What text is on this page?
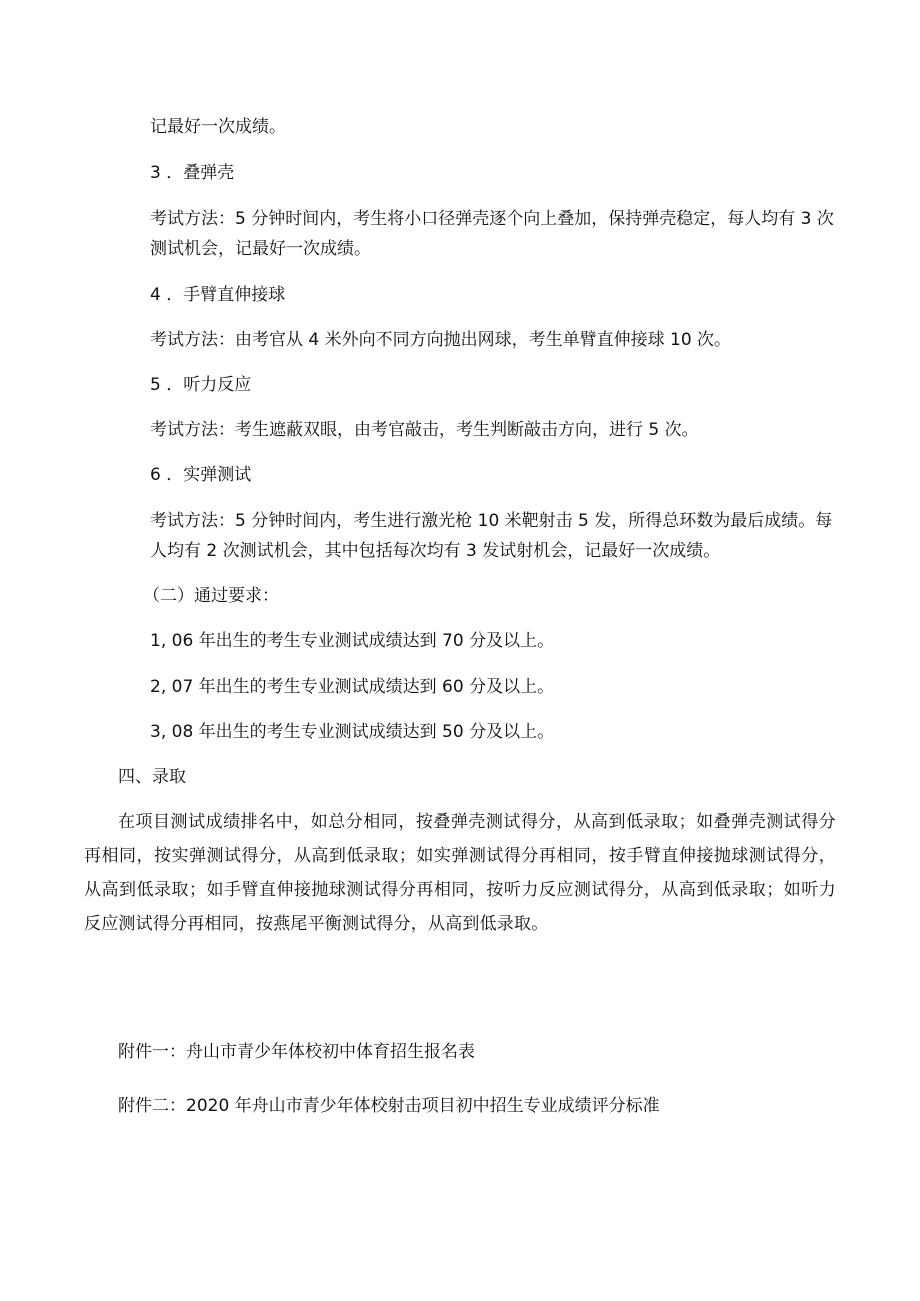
记最好一次成绩。
3 ．叠弹壳
考试方法：5 分钟时间内，考生将小口径弹壳逐个向上叠加，保持弹壳稳定，每人均有 3 次
测试机会，记最好一次成绩。
4 ．手臂直伸接球
考试方法：由考官从 4 米外向不同方向抛出网球，考生单臂直伸接球 10 次。
5 ．听力反应
考试方法：考生遮蔽双眼，由考官敲击，考生判断敲击方向，进行 5 次。
6 ．实弹测试
考试方法：5 分钟时间内，考生进行激光枪 10 米靶射击 5 发，所得总环数为最后成绩。每
人均有 2 次测试机会，其中包括每次均有 3 发试射机会，记最好一次成绩。
（二）通过要求：
1, 06 年出生的考生专业测试成绩达到 70 分及以上。
2, 07 年出生的考生专业测试成绩达到 60 分及以上。
3, 08 年出生的考生专业测试成绩达到 50 分及以上。
四、录取
在项目测试成绩排名中，如总分相同，按叠弹壳测试得分，从高到低录取；如叠弹壳测试得分再相同，按实弹测试得分，从高到低录取；如实弹测试得分再相同，按手臂直伸接抛球测试得分，从高到低录取；如手臂直伸接抛球测试得分再相同，按听力反应测试得分，从高到低录取；如听力反应测试得分再相同，按燕尾平衡测试得分，从高到低录取。
附件一：舟山市青少年体校初中体育招生报名表
附件二：2020 年舟山市青少年体校射击项目初中招生专业成绩评分标准
